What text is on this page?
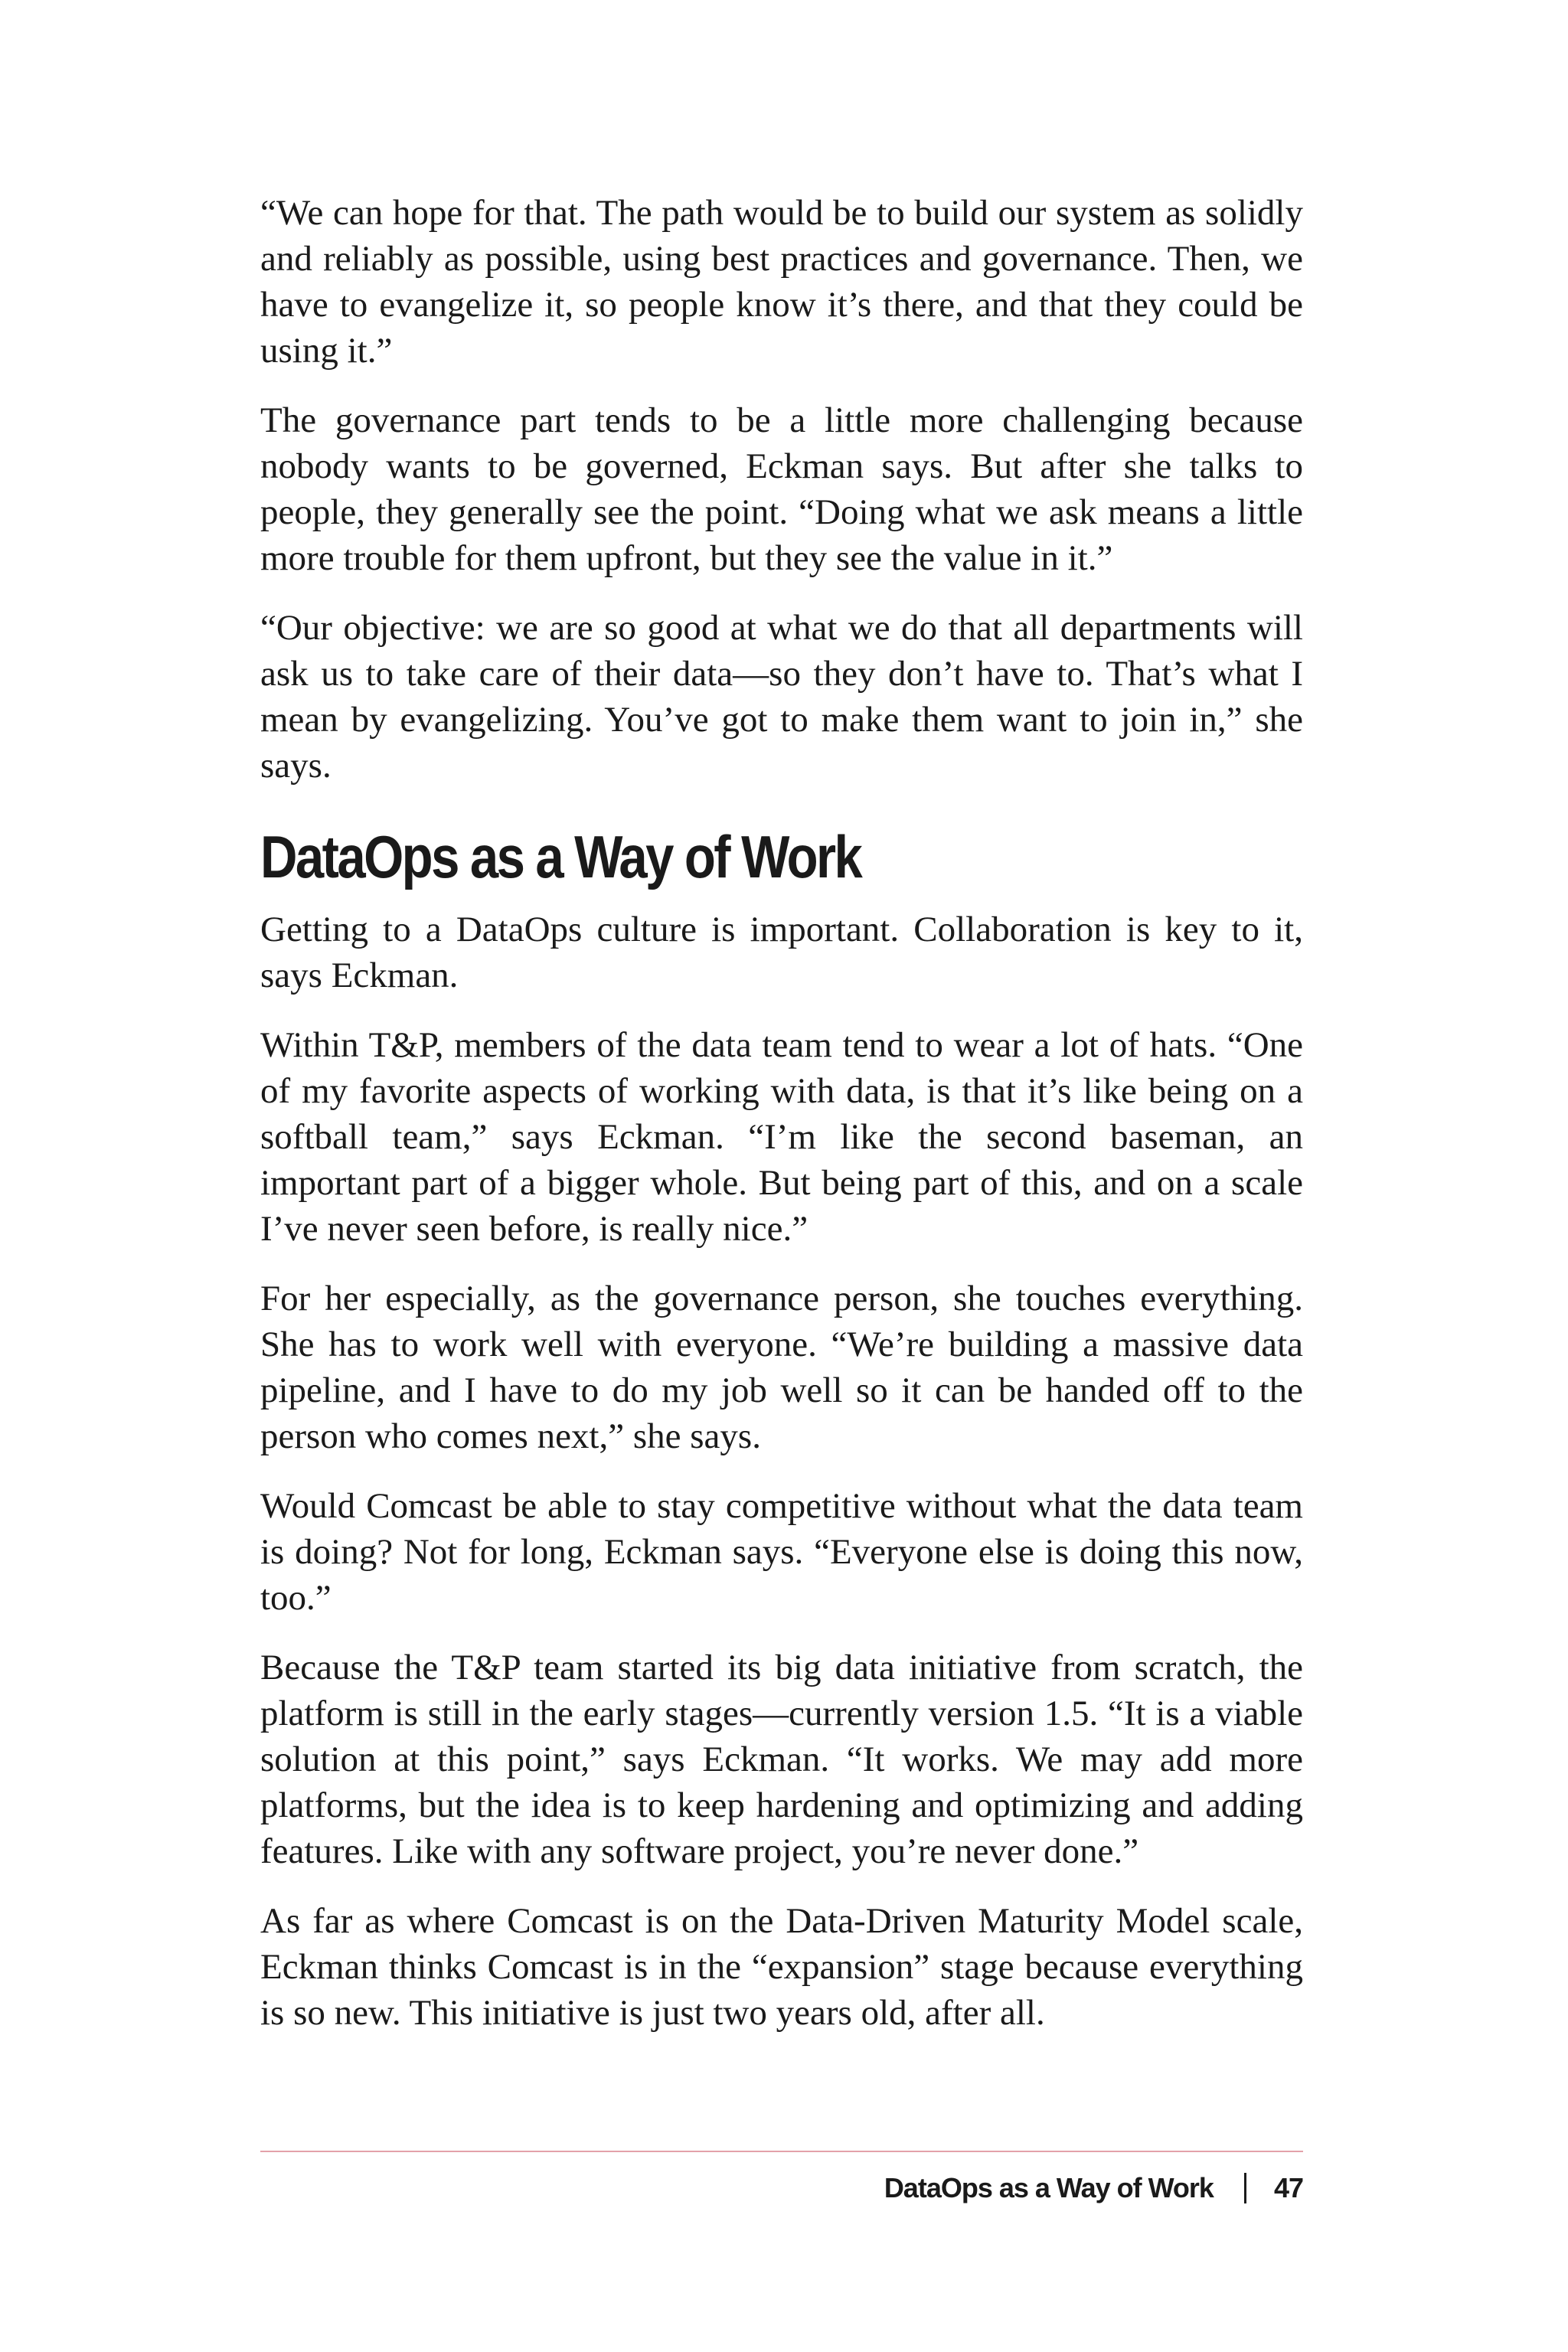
“We can hope for that. The path would be to build our system as solidly and reliably as possible, using best practices and governance. Then, we have to evangelize it, so people know it’s there, and that they could be using it.”

The governance part tends to be a little more challenging because nobody wants to be governed, Eckman says. But after she talks to people, they generally see the point. “Doing what we ask means a little more trouble for them upfront, but they see the value in it.”

“Our objective: we are so good at what we do that all departments will ask us to take care of their data—so they don’t have to. That’s what I mean by evangelizing. You’ve got to make them want to join in,” she says.

DataOps as a Way of Work

Getting to a DataOps culture is important. Collaboration is key to it, says Eckman.

Within T&P, members of the data team tend to wear a lot of hats. “One of my favorite aspects of working with data, is that it’s like being on a softball team,” says Eckman. “I’m like the second baseman, an important part of a bigger whole. But being part of this, and on a scale I’ve never seen before, is really nice.”

For her especially, as the governance person, she touches everything. She has to work well with everyone. “We’re building a massive data pipeline, and I have to do my job well so it can be handed off to the person who comes next,” she says.

Would Comcast be able to stay competitive without what the data team is doing? Not for long, Eckman says. “Everyone else is doing this now, too.”

Because the T&P team started its big data initiative from scratch, the platform is still in the early stages—currently version 1.5. “It is a viable solution at this point,” says Eckman. “It works. We may add more platforms, but the idea is to keep hardening and optimizing and adding features. Like with any software project, you’re never done.”

As far as where Comcast is on the Data-Driven Maturity Model scale, Eckman thinks Comcast is in the “expansion” stage because everything is so new. This initiative is just two years old, after all.

DataOps as a Way of Work 47
